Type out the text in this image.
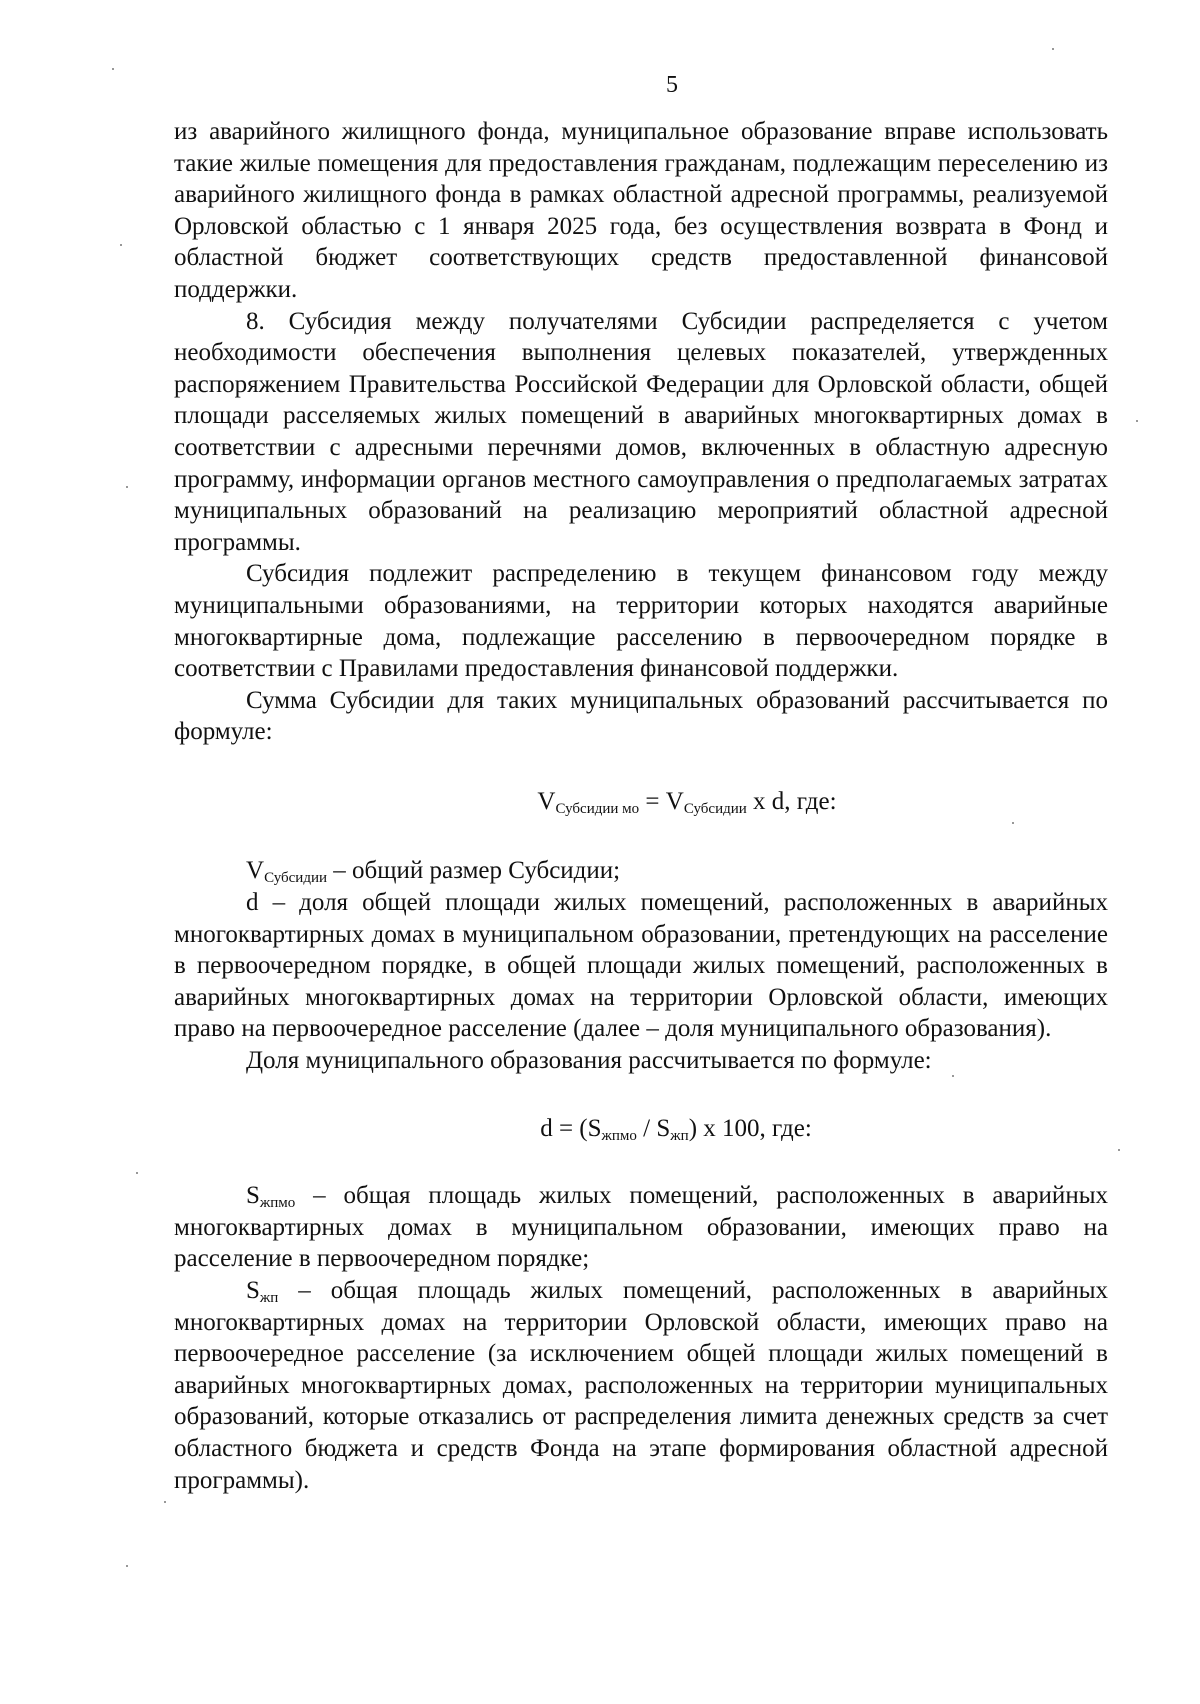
5

из аварийного жилищного фонда, муниципальное образование вправе использовать такие жилые помещения для предоставления гражданам, подлежащим переселению из аварийного жилищного фонда в рамках областной адресной программы, реализуемой Орловской областью с 1 января 2025 года, без осуществления возврата в Фонд и областной бюджет соответствующих средств предоставленной финансовой поддержки.

8. Субсидия между получателями Субсидии распределяется с учетом необходимости обеспечения выполнения целевых показателей, утвержденных распоряжением Правительства Российской Федерации для Орловской области, общей площади расселяемых жилых помещений в аварийных многоквартирных домах в соответствии с адресными перечнями домов, включенных в областную адресную программу, информации органов местного самоуправления о предполагаемых затратах муниципальных образований на реализацию мероприятий областной адресной программы.

Субсидия подлежит распределению в текущем финансовом году между муниципальными образованиями, на территории которых находятся аварийные многоквартирные дома, подлежащие расселению в первоочередном порядке в соответствии с Правилами предоставления финансовой поддержки.

Сумма Субсидии для таких муниципальных образований рассчитывается по формуле:

$V_{Субсидии мо} = V_{Субсидии}$ x d, где:

$V_{Субсидии}$ – общий размер Субсидии;

d – доля общей площади жилых помещений, расположенных в аварийных многоквартирных домах в муниципальном образовании, претендующих на расселение в первоочередном порядке, в общей площади жилых помещений, расположенных в аварийных многоквартирных домах на территории Орловской области, имеющих право на первоочередное расселение (далее – доля муниципального образования).

Доля муниципального образования рассчитывается по формуле:

$d = (S_{жпмо} / S_{жп})$ x 100, где:

$S_{жпмо}$ – общая площадь жилых помещений, расположенных в аварийных многоквартирных домах в муниципальном образовании, имеющих право на расселение в первоочередном порядке;

$S_{жп}$ – общая площадь жилых помещений, расположенных в аварийных многоквартирных домах на территории Орловской области, имеющих право на первоочередное расселение (за исключением общей площади жилых помещений в аварийных многоквартирных домах, расположенных на территории муниципальных образований, которые отказались от распределения лимита денежных средств за счет областного бюджета и средств Фонда на этапе формирования областной адресной программы).
